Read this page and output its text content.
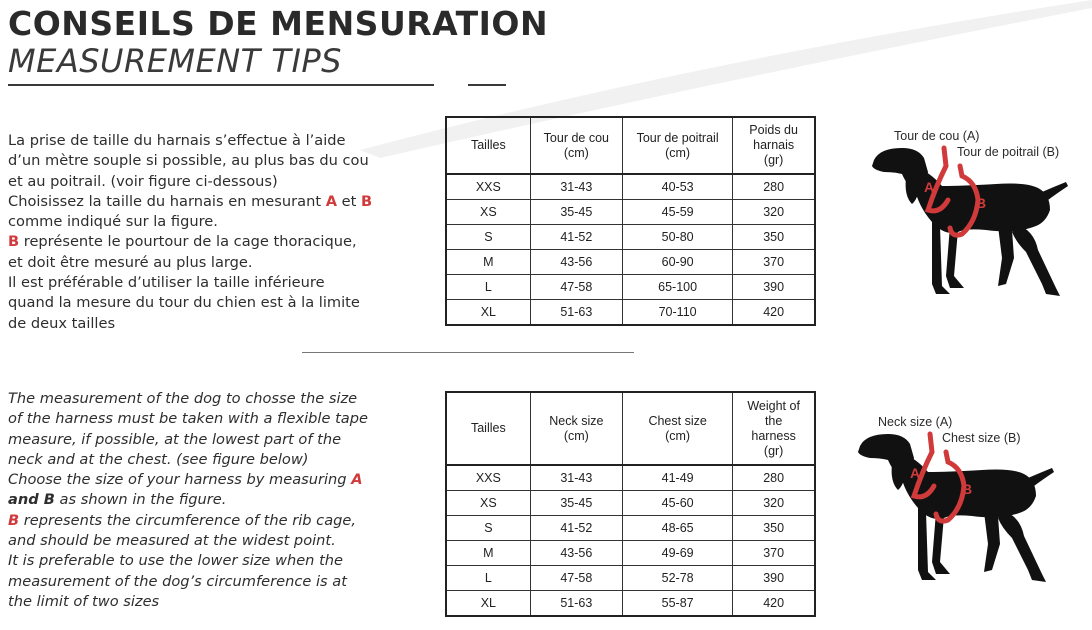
CONSEILS DE MENSURATION
MEASUREMENT TIPS
La prise de taille du harnais s’effectue à l’aide
d’un mètre souple si possible, au plus bas du cou
et au poitrail. (voir figure ci-dessous)
Choisissez la taille du harnais en mesurant A et B
comme indiqué sur la figure.
B représente le pourtour de la cage thoracique,
et doit être mesuré au plus large.
Il est préférable d’utiliser la taille inférieure
quand la mesure du tour du chien est à la limite
de deux tailles
The measurement of the dog to chosse the size
of the harness must be taken with a flexible tape
measure, if possible, at the lowest part of the
neck and at the chest. (see figure below)
Choose the size of your harness by measuring A
and B as shown in the figure.
B represents the circumference of the rib cage,
and should be measured at the widest point.
It is preferable to use the lower size when the
measurement of the dog’s circumference is at
the limit of two sizes
Tailles	Tour de cou (cm)	Tour de poitrail (cm)	Poids du harnais (gr)
XXS	31-43	40-53	280
XS	35-45	45-59	320
S	41-52	50-80	350
M	43-56	60-90	370
L	47-58	65-100	390
XL	51-63	70-110	420
Tailles	Neck size (cm)	Chest size (cm)	Weight of the harness (gr)
XXS	31-43	41-49	280
XS	35-45	45-60	320
S	41-52	48-65	350
M	43-56	49-69	370
L	47-58	52-78	390
XL	51-63	55-87	420
Tour de cou (A)
Tour de poitrail (B)
A
B
Neck size (A)
Chest size (B)
A
B
